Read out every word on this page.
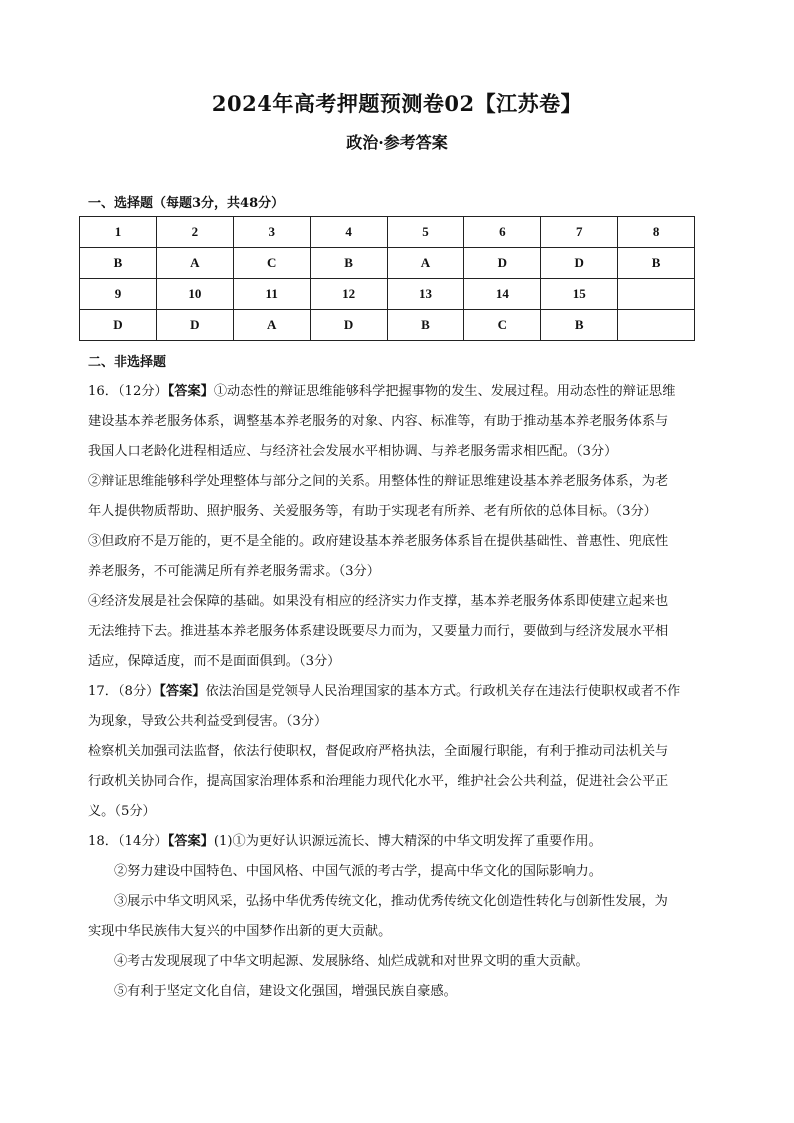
2024年高考押题预测卷02【江苏卷】
政治·参考答案
一、选择题（每题3分，共48分）
1	2	3	4	5	6	7	8
B	A	C	B	A	D	D	B
9	10	11	12	13	14	15	
D	D	A	D	B	C	B	
二、非选择题

16．（12分）【答案】①动态性的辩证思维能够科学把握事物的发生、发展过程。用动态性的辩证思维

建设基本养老服务体系，调整基本养老服务的对象、内容、标准等，有助于推动基本养老服务体系与

我国人口老龄化进程相适应、与经济社会发展水平相协调、与养老服务需求相匹配。（3分）

②辩证思维能够科学处理整体与部分之间的关系。用整体性的辩证思维建设基本养老服务体系，为老

年人提供物质帮助、照护服务、关爱服务等，有助于实现老有所养、老有所依的总体目标。（3分）

③但政府不是万能的，更不是全能的。政府建设基本养老服务体系旨在提供基础性、普惠性、兜底性

养老服务，不可能满足所有养老服务需求。（3分）

④经济发展是社会保障的基础。如果没有相应的经济实力作支撑，基本养老服务体系即使建立起来也

无法维持下去。推进基本养老服务体系建设既要尽力而为，又要量力而行，要做到与经济发展水平相

适应，保障适度，而不是面面俱到。（3分）

17．（8分）【答案】依法治国是党领导人民治理国家的基本方式。行政机关存在违法行使职权或者不作

为现象，导致公共利益受到侵害。（3分）

检察机关加强司法监督，依法行使职权，督促政府严格执法，全面履行职能，有利于推动司法机关与

行政机关协同合作，提高国家治理体系和治理能力现代化水平，维护社会公共利益，促进社会公平正

义。（5分）

18．（14分）【答案】(1)①为更好认识源远流长、博大精深的中华文明发挥了重要作用。

②努力建设中国特色、中国风格、中国气派的考古学，提高中华文化的国际影响力。

③展示中华文明风采，弘扬中华优秀传统文化，推动优秀传统文化创造性转化与创新性发展，为

实现中华民族伟大复兴的中国梦作出新的更大贡献。

④考古发现展现了中华文明起源、发展脉络、灿烂成就和对世界文明的重大贡献。

⑤有利于坚定文化自信，建设文化强国，增强民族自豪感。
